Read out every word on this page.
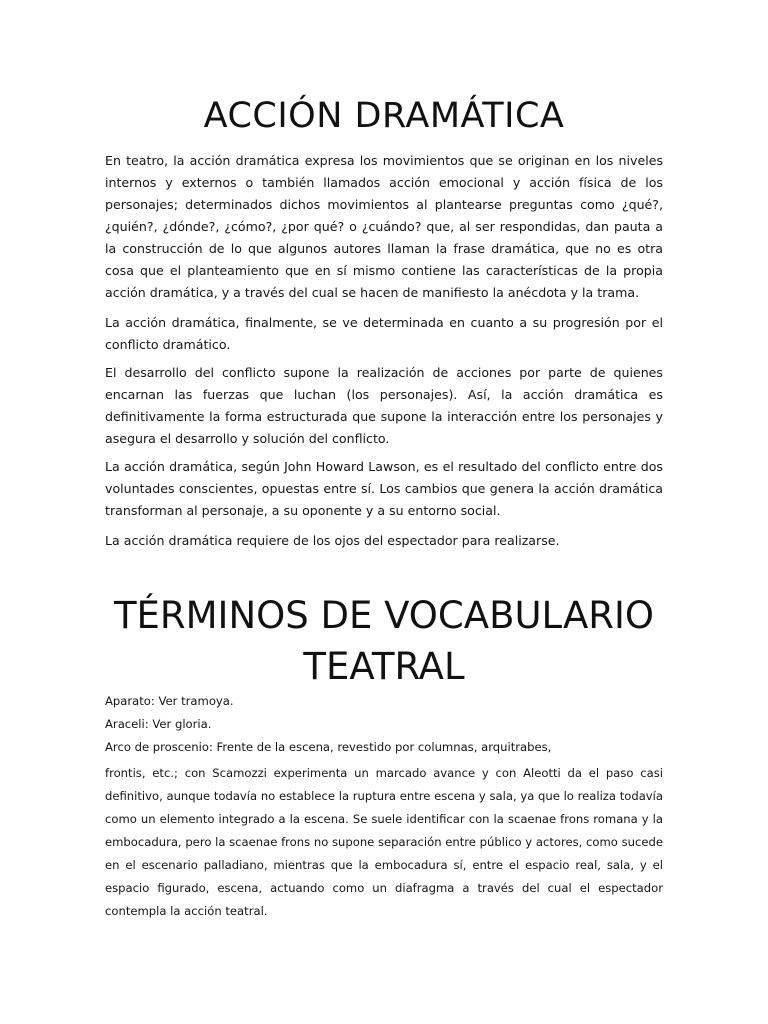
ACCIÓN DRAMÁTICA

En teatro, la acción dramática expresa los movimientos que se originan en los niveles internos y externos o también llamados acción emocional y acción física de los personajes; determinados dichos movimientos al plantearse preguntas como ¿qué?, ¿quién?, ¿dónde?, ¿cómo?, ¿por qué? o ¿cuándo? que, al ser respondidas, dan pauta a la construcción de lo que algunos autores llaman la frase dramática, que no es otra cosa que el planteamiento que en sí mismo contiene las características de la propia acción dramática, y a través del cual se hacen de manifiesto la anécdota y la trama.

La acción dramática, finalmente, se ve determinada en cuanto a su progresión por el conflicto dramático.

El desarrollo del conflicto supone la realización de acciones por parte de quienes encarnan las fuerzas que luchan (los personajes). Así, la acción dramática es definitivamente la forma estructurada que supone la interacción entre los personajes y asegura el desarrollo y solución del conflicto.

La acción dramática, según John Howard Lawson, es el resultado del conflicto entre dos voluntades conscientes, opuestas entre sí. Los cambios que genera la acción dramática transforman al personaje, a su oponente y a su entorno social.

La acción dramática requiere de los ojos del espectador para realizarse.

TÉRMINOS DE VOCABULARIO
TEATRAL

Aparato: Ver tramoya.

Araceli: Ver gloria.

Arco de proscenio: Frente de la escena, revestido por columnas, arquitrabes,

frontis, etc.; con Scamozzi experimenta un marcado avance y con Aleotti da el paso casi definitivo, aunque todavía no establece la ruptura entre escena y sala, ya que lo realiza todavía como un elemento integrado a la escena. Se suele identificar con la scaenae frons romana y la embocadura, pero la scaenae frons no supone separación entre público y actores, como sucede en el escenario palladiano, mientras que la embocadura sí, entre el espacio real, sala, y el espacio figurado, escena, actuando como un diafragma a través del cual el espectador contempla la acción teatral.
